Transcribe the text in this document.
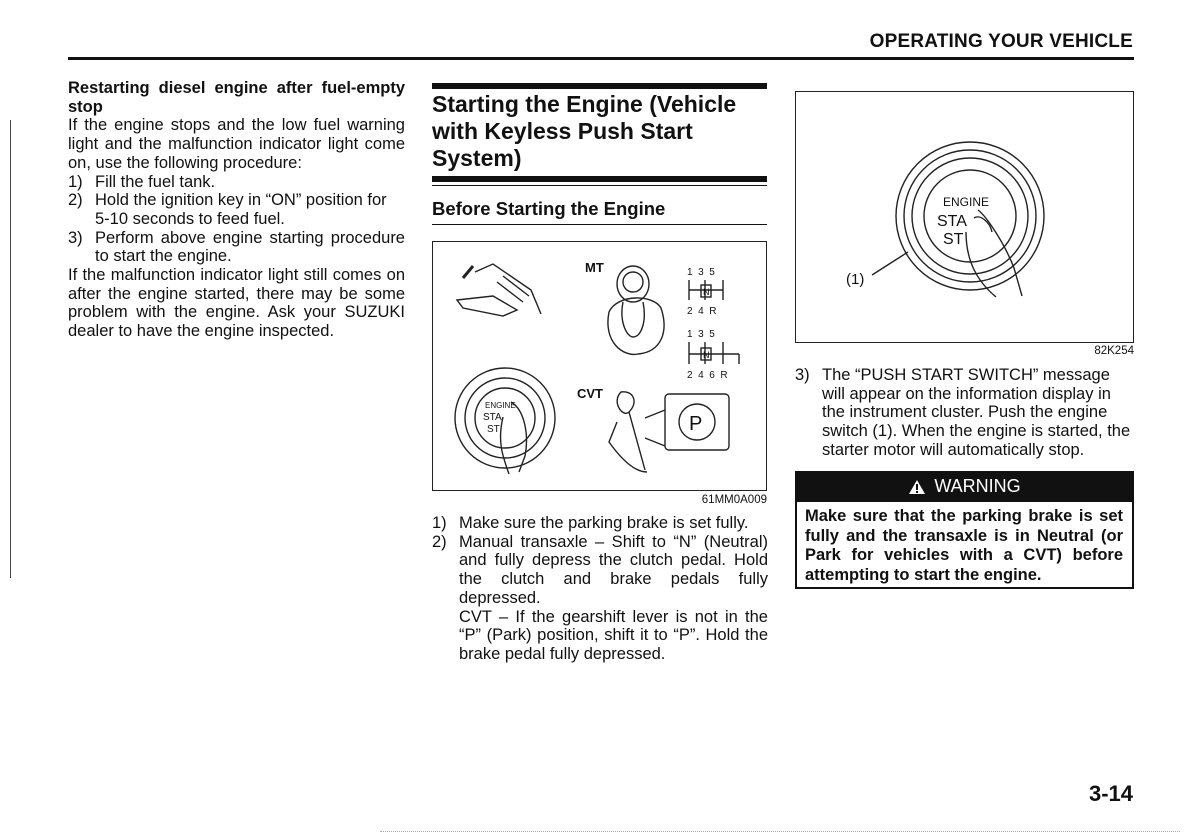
OPERATING YOUR VEHICLE

Restarting diesel engine after fuel-empty stop

If the engine stops and the low fuel warning light and the malfunction indicator light come on, use the following procedure:

1) Fill the fuel tank.
2) Hold the ignition key in “ON” position for 5-10 seconds to feed fuel.
3) Perform above engine starting procedure to start the engine.

If the malfunction indicator light still comes on after the engine started, there may be some problem with the engine. Ask your SUZUKI dealer to have the engine inspected.

Starting the Engine (Vehicle with Keyless Push Start System)
Before Starting the Engine
MT
CVT
1  3  5
2  4  R
1  3  5
2  4  6  R
N
N
P
ENGINE
STA
ST
61MM0A009
1) Make sure the parking brake is set fully.
2) Manual transaxle – Shift to “N” (Neutral) and fully depress the clutch pedal. Hold the clutch and brake pedals fully depressed.
CVT – If the gearshift lever is not in the “P” (Park) position, shift it to “P”. Hold the brake pedal fully depressed.
ENGINE
STA
ST
(1)
82K254
3) The “PUSH START SWITCH” message will appear on the information display in the instrument cluster. Push the engine switch (1). When the engine is started, the starter motor will automatically stop.
WARNING
Make sure that the parking brake is set fully and the transaxle is in Neutral (or Park for vehicles with a CVT) before attempting to start the engine.
3-14
